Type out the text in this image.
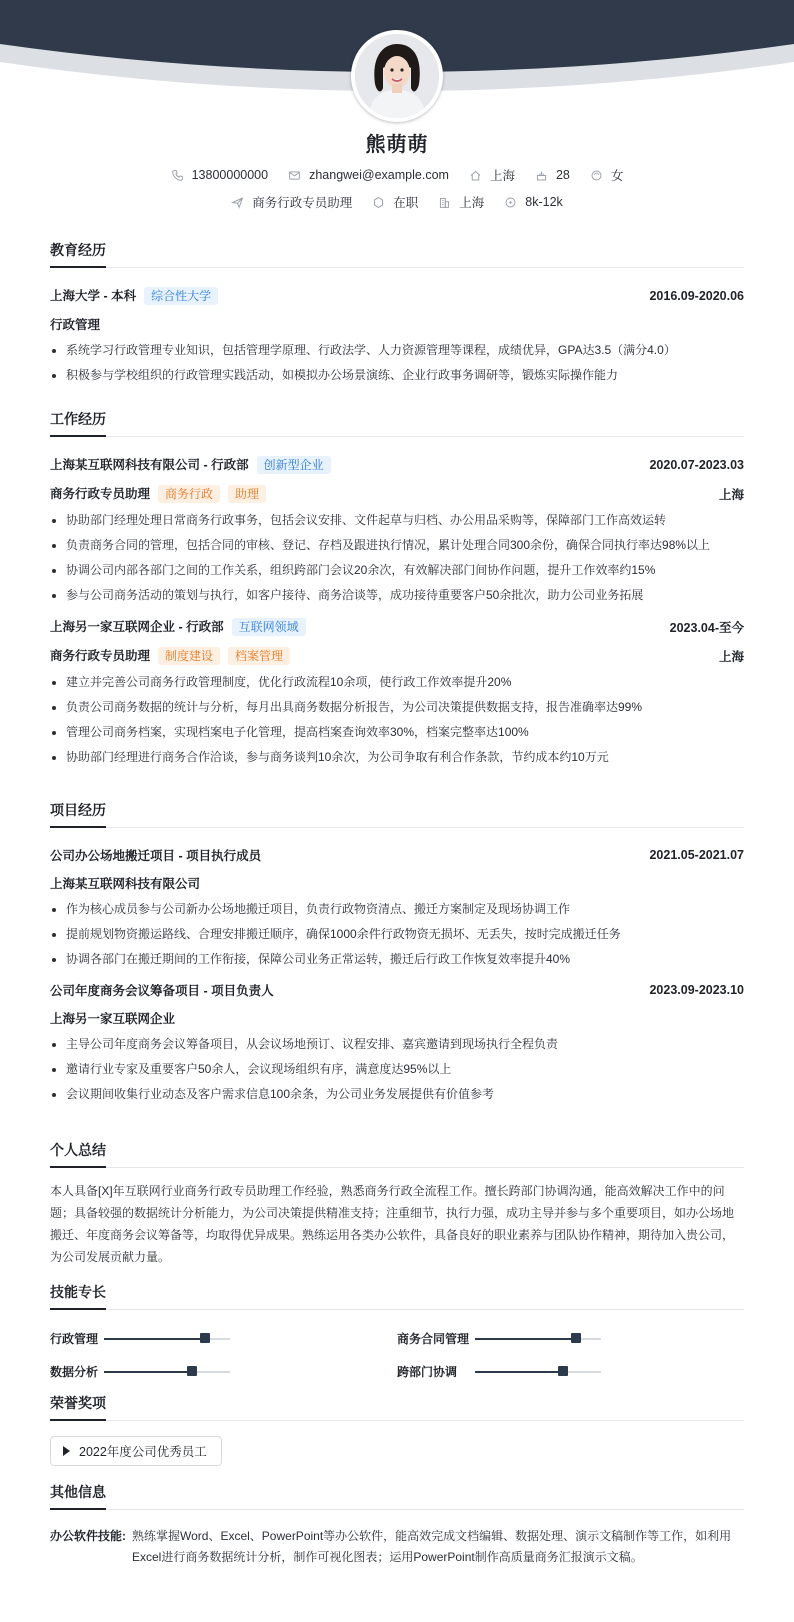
熊萌萌
13800000000	zhangwei@example.com	上海	28	女
商务行政专员助理	在职	上海	8k-12k
教育经历
上海大学 - 本科 综合性大学	2016.09-2020.06
行政管理
系统学习行政管理专业知识，包括管理学原理、行政法学、人力资源管理等课程，成绩优异，GPA达3.5（满分4.0）
积极参与学校组织的行政管理实践活动，如模拟办公场景演练、企业行政事务调研等，锻炼实际操作能力
工作经历
上海某互联网科技有限公司 - 行政部 创新型企业	2020.07-2023.03
商务行政专员助理 商务行政 助理	上海
协助部门经理处理日常商务行政事务，包括会议安排、文件起草与归档、办公用品采购等，保障部门工作高效运转
负责商务合同的管理，包括合同的审核、登记、存档及跟进执行情况，累计处理合同300余份，确保合同执行率达98%以上
协调公司内部各部门之间的工作关系，组织跨部门会议20余次，有效解决部门间协作问题，提升工作效率约15%
参与公司商务活动的策划与执行，如客户接待、商务洽谈等，成功接待重要客户50余批次，助力公司业务拓展
上海另一家互联网企业 - 行政部 互联网领域	2023.04-至今
商务行政专员助理 制度建设 档案管理	上海
建立并完善公司商务行政管理制度，优化行政流程10余项，使行政工作效率提升20%
负责公司商务数据的统计与分析，每月出具商务数据分析报告，为公司决策提供数据支持，报告准确率达99%
管理公司商务档案，实现档案电子化管理，提高档案查询效率30%，档案完整率达100%
协助部门经理进行商务合作洽谈，参与商务谈判10余次，为公司争取有利合作条款，节约成本约10万元
项目经历
公司办公场地搬迁项目 - 项目执行成员	2021.05-2021.07
上海某互联网科技有限公司
作为核心成员参与公司新办公场地搬迁项目，负责行政物资清点、搬迁方案制定及现场协调工作
提前规划物资搬运路线、合理安排搬迁顺序，确保1000余件行政物资无损坏、无丢失，按时完成搬迁任务
协调各部门在搬迁期间的工作衔接，保障公司业务正常运转，搬迁后行政工作恢复效率提升40%
公司年度商务会议筹备项目 - 项目负责人	2023.09-2023.10
上海另一家互联网企业
主导公司年度商务会议筹备项目，从会议场地预订、议程安排、嘉宾邀请到现场执行全程负责
邀请行业专家及重要客户50余人，会议现场组织有序，满意度达95%以上
会议期间收集行业动态及客户需求信息100余条，为公司业务发展提供有价值参考
个人总结

本人具备[X]年互联网行业商务行政专员助理工作经验，熟悉商务行政全流程工作。擅长跨部门协调沟通，能高效解决工作中的问题；具备较强的数据统计分析能力，为公司决策提供精准支持；注重细节，执行力强，成功主导并参与多个重要项目，如办公场地搬迁、年度商务会议筹备等，均取得优异成果。熟练运用各类办公软件，具备良好的职业素养与团队协作精神，期待加入贵公司，为公司发展贡献力量。

技能专长
行政管理	商务合同管理
数据分析	跨部门协调
荣誉奖项
2022年度公司优秀员工
其他信息
办公软件技能: 熟练掌握Word、Excel、PowerPoint等办公软件，能高效完成文档编辑、数据处理、演示文稿制作等工作，如利用Excel进行商务数据统计分析，制作可视化图表；运用PowerPoint制作高质量商务汇报演示文稿。
